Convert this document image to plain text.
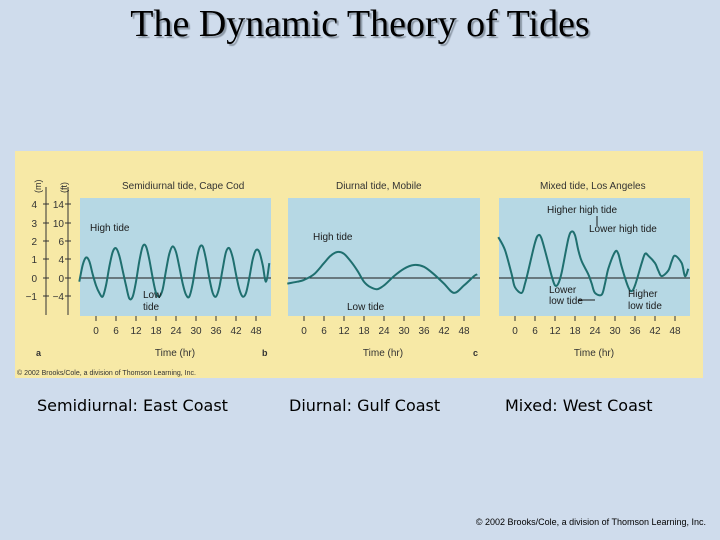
The Dynamic Theory of Tides
(ft)
(m)
© 2002 Brooks/Cole, a division of Thomson Learning, Inc.
4
3
2
1
0
−1
14
10
6
4
0
−4
Semidiurnal tide, Cape Cod
0 6 12 18 24 30 36 42 48
Time (hr)
a
High tide
Low
tide
Diurnal tide, Mobile
0 6 12 18 24 30 36 42 48
Time (hr)
b
High tide
Low tide
Mixed tide, Los Angeles
0 6 12 18 24 30 36 42 48
Time (hr)
c
Higher high tide
Lower high tide
Lower
low tide
Higher
low tide
Semidiurnal: East Coast	Diurnal: Gulf Coast	Mixed: West Coast
© 2002 Brooks/Cole, a division of Thomson Learning, Inc.
